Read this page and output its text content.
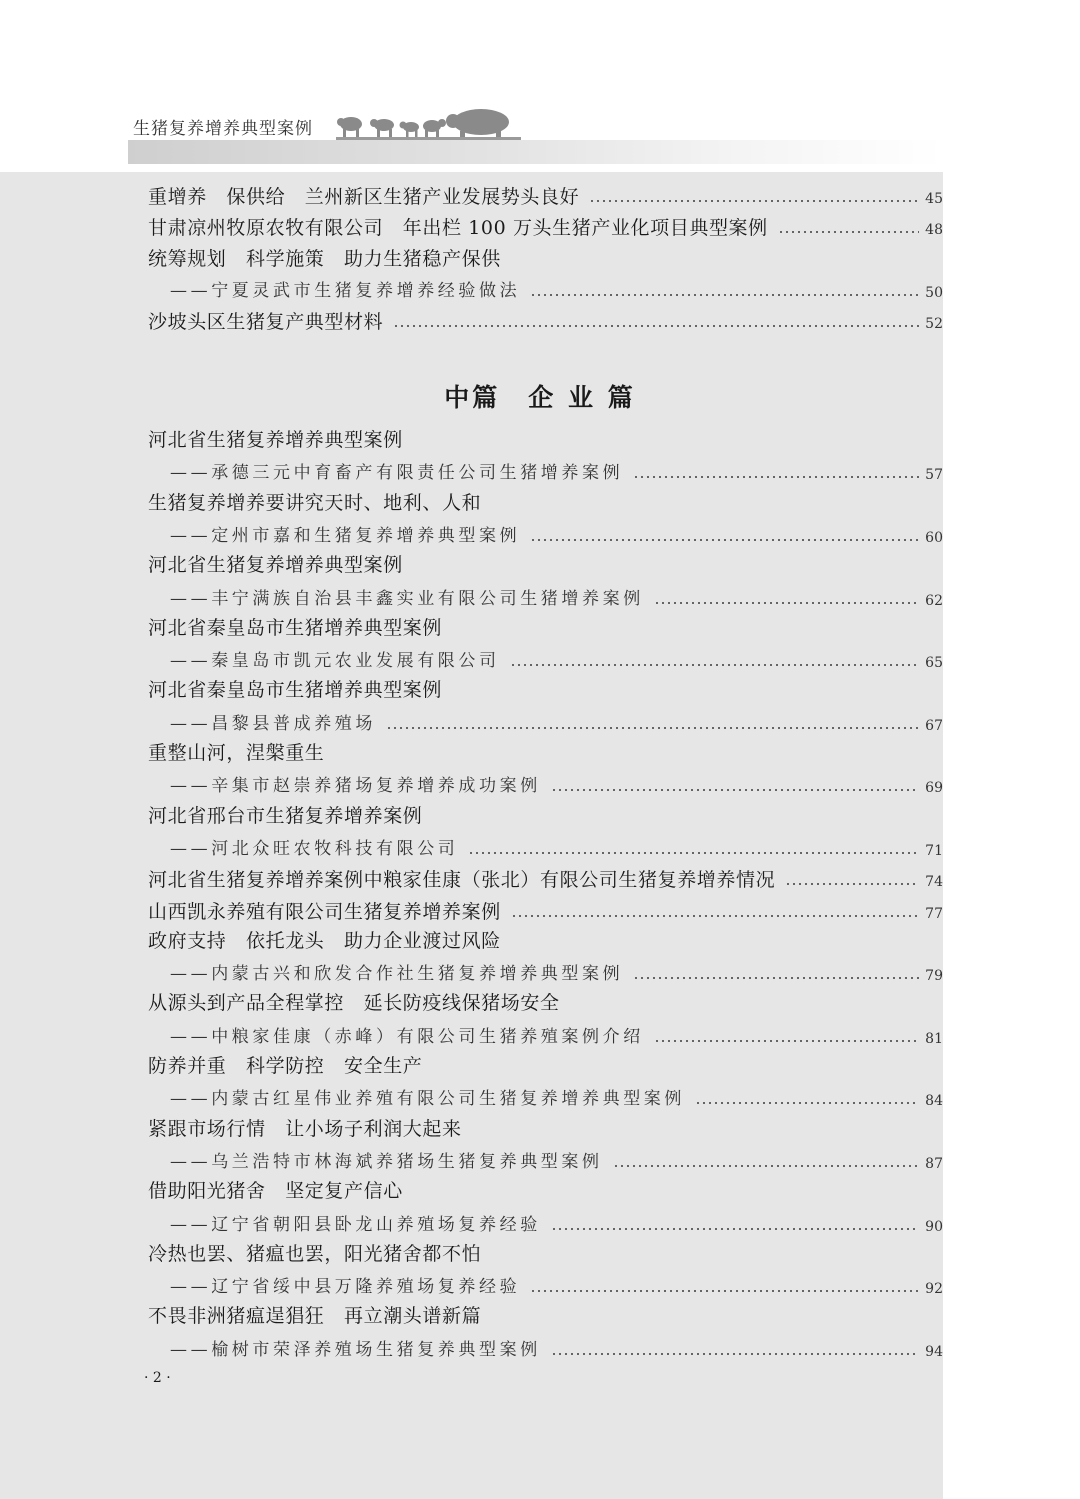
生猪复养增养典型案例
重增养　保供给　兰州新区生猪产业发展势头良好	45
甘肃凉州牧原农牧有限公司　年出栏 100 万头生猪产业化项目典型案例	48
统筹规划　科学施策　助力生猪稳产保供
——宁夏灵武市生猪复养增养经验做法	50
沙坡头区生猪复产典型材料	52
中篇　企 业 篇
河北省生猪复养增养典型案例
——承德三元中育畜产有限责任公司生猪增养案例	57
生猪复养增养要讲究天时、地利、人和
——定州市嘉和生猪复养增养典型案例	60
河北省生猪复养增养典型案例
——丰宁满族自治县丰鑫实业有限公司生猪增养案例	62
河北省秦皇岛市生猪增养典型案例
——秦皇岛市凯元农业发展有限公司	65
河北省秦皇岛市生猪增养典型案例
——昌黎县普成养殖场	67
重整山河，涅槃重生
——辛集市赵崇养猪场复养增养成功案例	69
河北省邢台市生猪复养增养案例
——河北众旺农牧科技有限公司	71
河北省生猪复养增养案例中粮家佳康（张北）有限公司生猪复养增养情况	74
山西凯永养殖有限公司生猪复养增养案例	77
政府支持　依托龙头　助力企业渡过风险
——内蒙古兴和欣发合作社生猪复养增养典型案例	79
从源头到产品全程掌控　延长防疫线保猪场安全
——中粮家佳康（赤峰）有限公司生猪养殖案例介绍	81
防养并重　科学防控　安全生产
——内蒙古红星伟业养殖有限公司生猪复养增养典型案例	84
紧跟市场行情　让小场子利润大起来
——乌兰浩特市林海斌养猪场生猪复养典型案例	87
借助阳光猪舍　坚定复产信心
——辽宁省朝阳县卧龙山养殖场复养经验	90
冷热也罢、猪瘟也罢，阳光猪舍都不怕
——辽宁省绥中县万隆养殖场复养经验	92
不畏非洲猪瘟逞猖狂　再立潮头谱新篇
——榆树市荣泽养殖场生猪复养典型案例	94
· 2 ·
